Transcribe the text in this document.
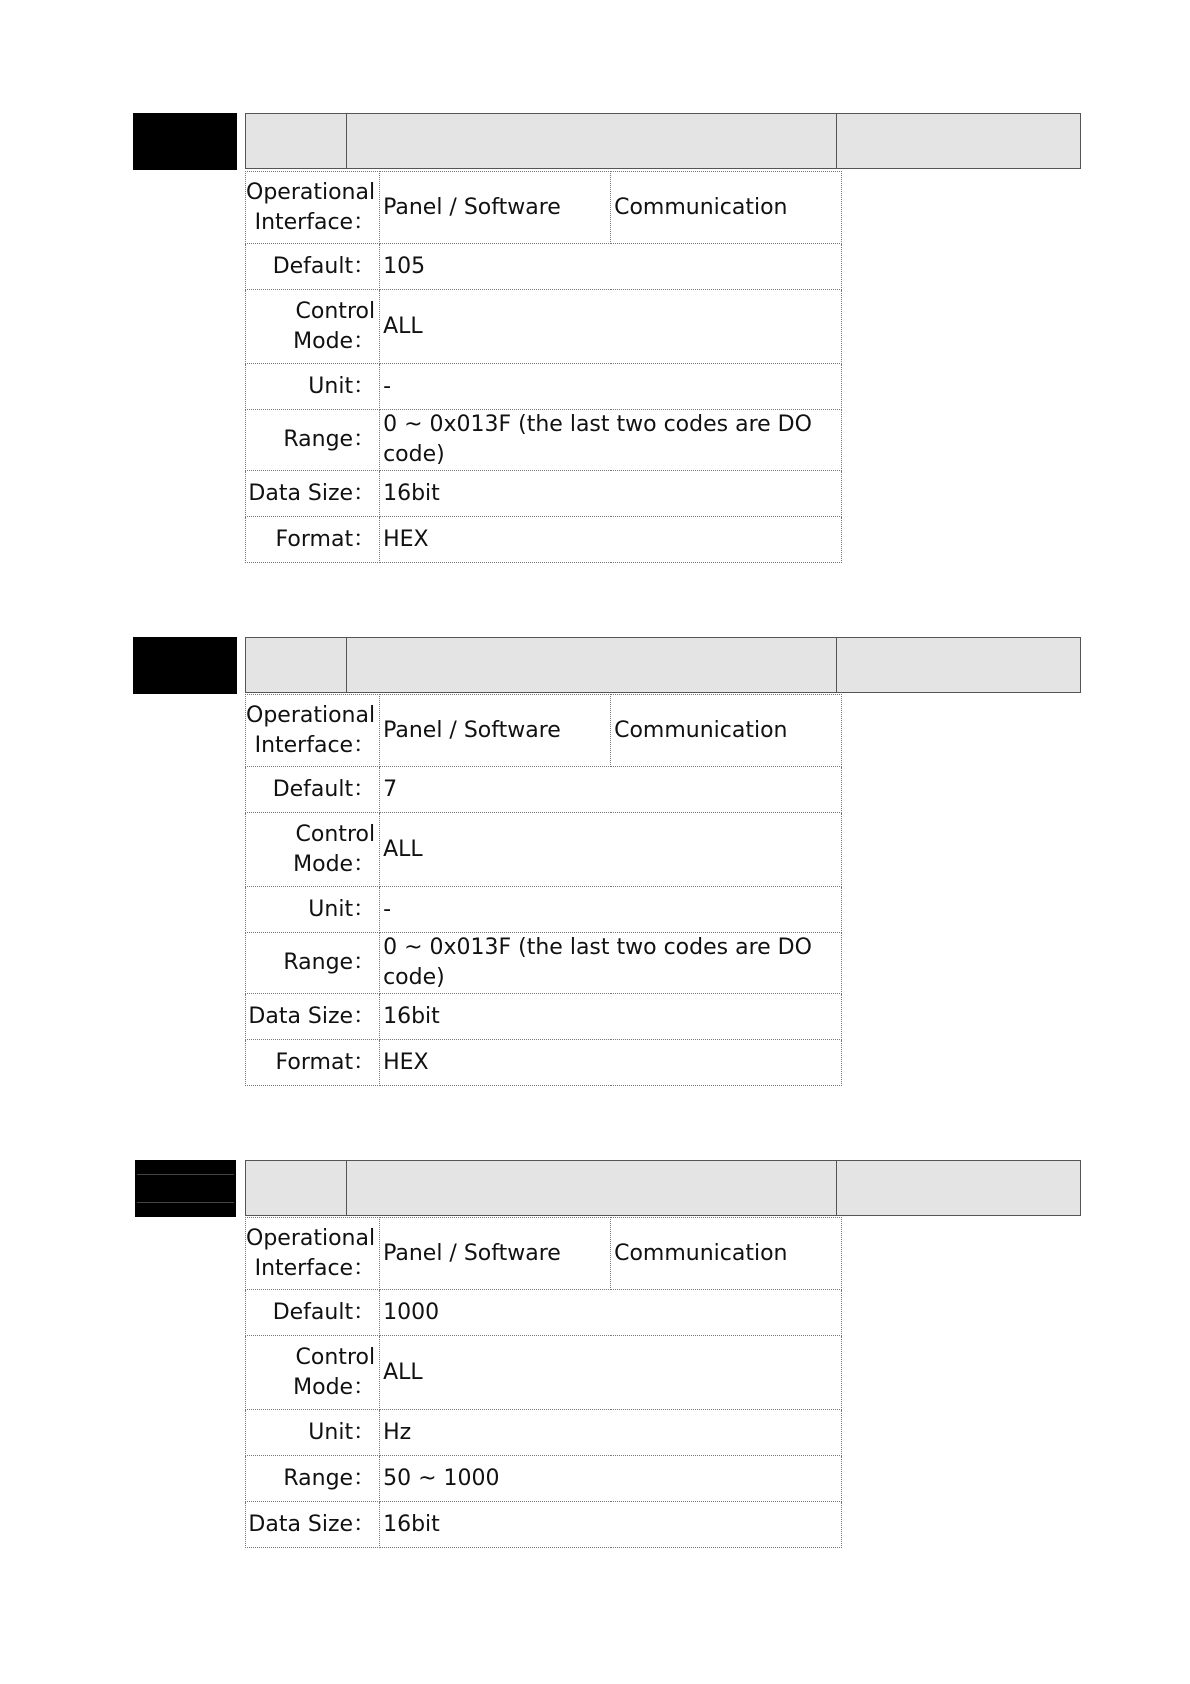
Operational
Interface：	Panel / Software	Communication
Default：	105	

Control
Mode：	ALL	
Unit：	-	
Range：	0 ~ 0x013F (the last two codes are DO code)	
Data Size：	16bit	
Format：	HEX	
Operational
Interface：	Panel / Software	Communication
Default：	7	

Control
Mode：	ALL	
Unit：	-	
Range：	0 ~ 0x013F (the last two codes are DO code)	
Data Size：	16bit	
Format：	HEX	
Operational
Interface：	Panel / Software	Communication
Default：	1000	

Control
Mode：	ALL	
Unit：	Hz	
Range：	50 ~ 1000	
Data Size：	16bit	
